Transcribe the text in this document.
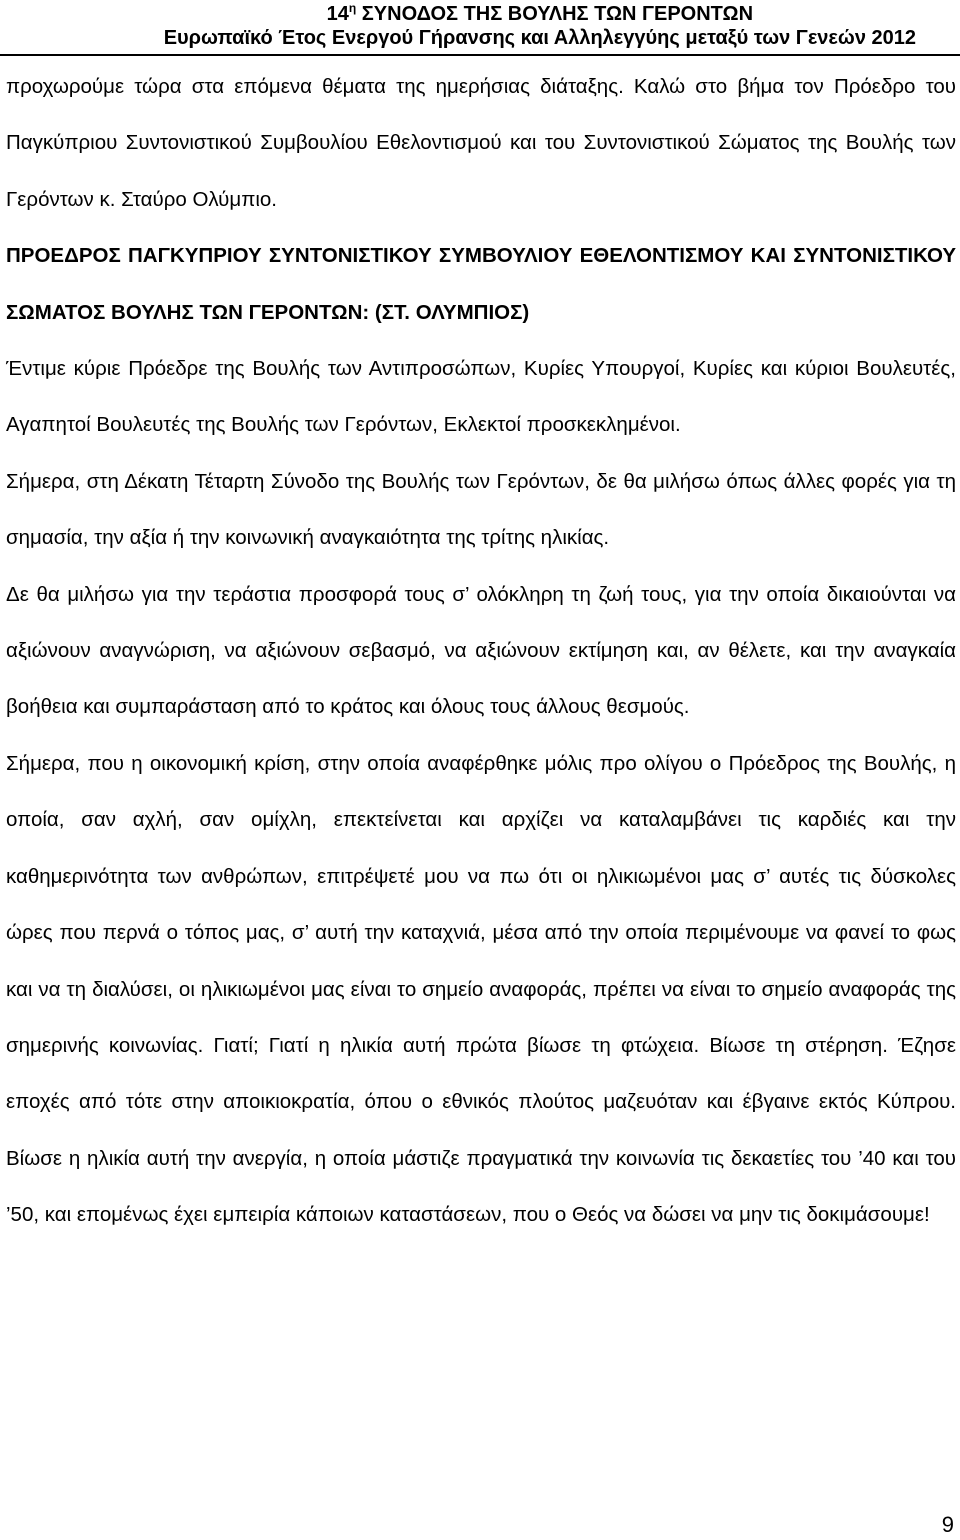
$14^\eta$ ΣΥΝΟΔΟΣ ΤΗΣ ΒΟΥΛΗΣ ΤΩΝ ΓΕΡΟΝΤΩΝ
Ευρωπαϊκό Έτος Ενεργού Γήρανσης και Αλληλεγγύης μεταξύ των Γενεών 2012

προχωρούμε τώρα στα επόμενα θέματα της ημερήσιας διάταξης. Καλώ στο βήμα τον Πρόεδρο του Παγκύπριου Συντονιστικού Συμβουλίου Εθελοντισμού και του Συντονιστικού Σώματος της Βουλής των Γερόντων κ. Σταύρο Ολύμπιο.

ΠΡΟΕΔΡΟΣ ΠΑΓΚΥΠΡΙΟΥ ΣΥΝΤΟΝΙΣΤΙΚΟΥ ΣΥΜΒΟΥΛΙΟΥ ΕΘΕΛΟΝΤΙΣΜΟΥ ΚΑΙ ΣΥΝΤΟΝΙΣΤΙΚΟΥ ΣΩΜΑΤΟΣ ΒΟΥΛΗΣ ΤΩΝ ΓΕΡΟΝΤΩΝ: (ΣΤ. ΟΛΥΜΠΙΟΣ)

Έντιμε κύριε Πρόεδρε της Βουλής των Αντιπροσώπων, Κυρίες Υπουργοί, Κυρίες και κύριοι Βουλευτές, Αγαπητοί Βουλευτές της Βουλής των Γερόντων, Εκλεκτοί προσκεκλημένοι.

Σήμερα, στη Δέκατη Τέταρτη Σύνοδο της Βουλής των Γερόντων, δε θα μιλήσω όπως άλλες φορές για τη σημασία, την αξία ή την κοινωνική αναγκαιότητα της τρίτης ηλικίας.

Δε θα μιλήσω για την τεράστια προσφορά τους σ’ ολόκληρη τη ζωή τους, για την οποία δικαιούνται να αξιώνουν αναγνώριση, να αξιώνουν σεβασμό, να αξιώνουν εκτίμηση και, αν θέλετε, και την αναγκαία βοήθεια και συμπαράσταση από το κράτος και όλους τους άλλους θεσμούς.

Σήμερα, που η οικονομική κρίση, στην οποία αναφέρθηκε μόλις προ ολίγου ο Πρόεδρος της Βουλής, η οποία, σαν αχλή, σαν ομίχλη, επεκτείνεται και αρχίζει να καταλαμβάνει τις καρδιές και την καθημερινότητα των ανθρώπων, επιτρέψετέ μου να πω ότι οι ηλικιωμένοι μας σ’ αυτές τις δύσκολες ώρες που περνά ο τόπος μας, σ’ αυτή την καταχνιά, μέσα από την οποία περιμένουμε να φανεί το φως και να τη διαλύσει, οι ηλικιωμένοι μας είναι το σημείο αναφοράς, πρέπει να είναι το σημείο αναφοράς της σημερινής κοινωνίας. Γιατί; Γιατί η ηλικία αυτή πρώτα βίωσε τη φτώχεια. Βίωσε τη στέρηση. Έζησε εποχές από τότε στην αποικιοκρατία, όπου ο εθνικός πλούτος μαζευόταν και έβγαινε εκτός Κύπρου. Βίωσε η ηλικία αυτή την ανεργία, η οποία μάστιζε πραγματικά την κοινωνία τις δεκαετίες του ’40 και του ’50, και επομένως έχει εμπειρία κάποιων καταστάσεων, που ο Θεός να δώσει να μην τις δοκιμάσουμε!

9
